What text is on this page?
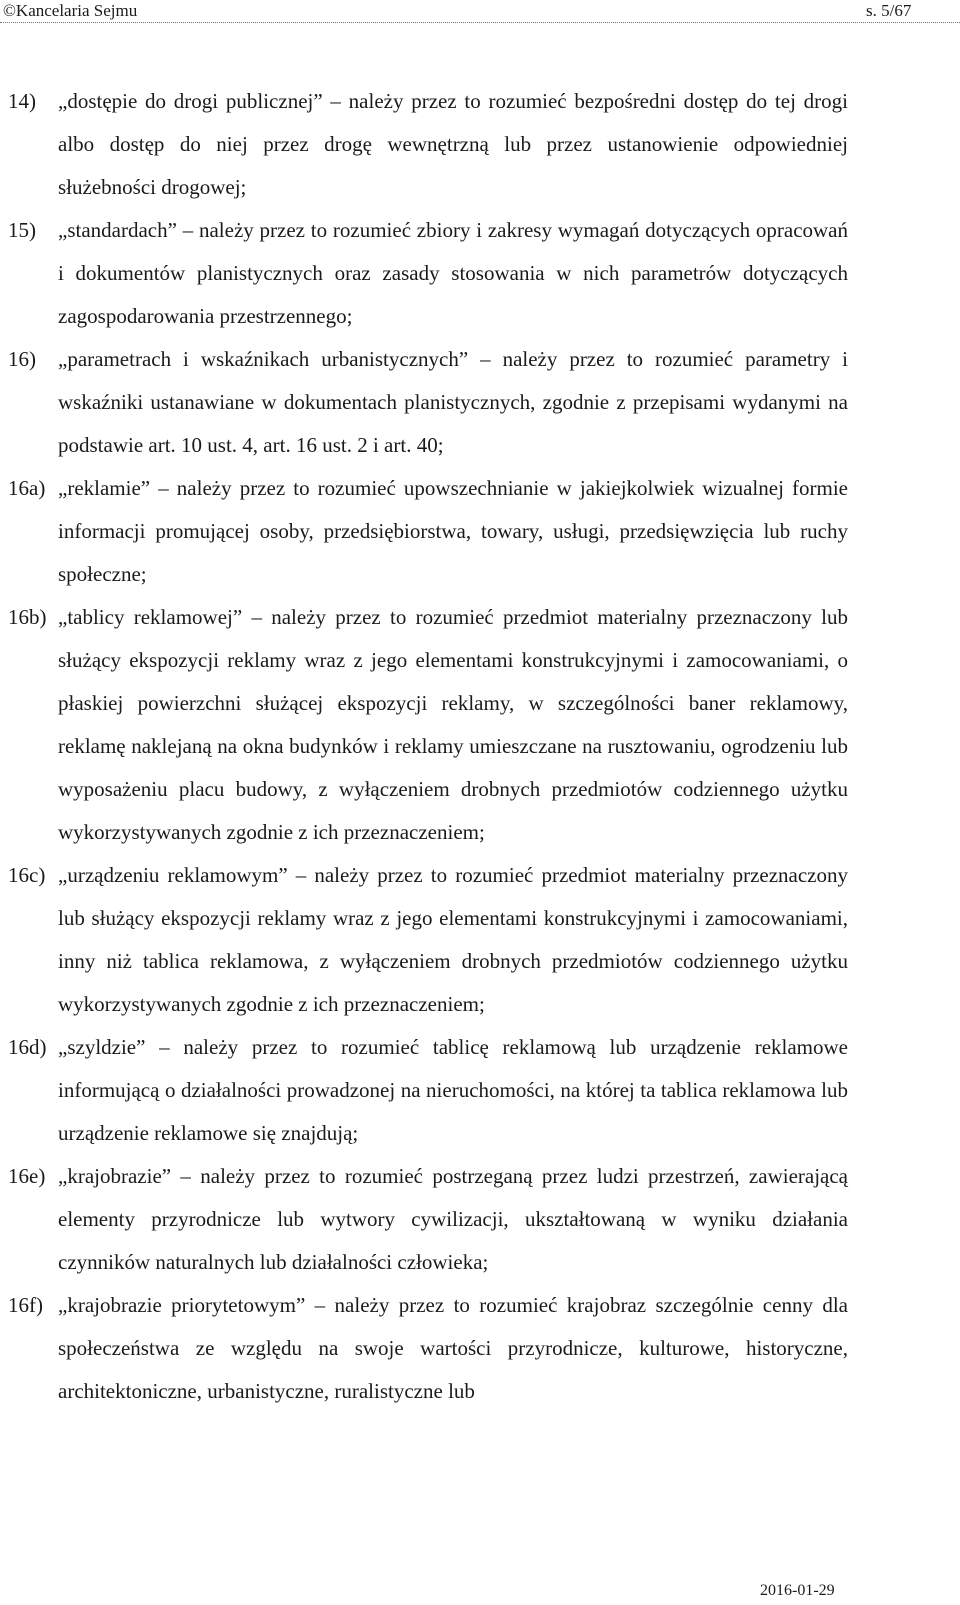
©Kancelaria Sejmu	s. 5/67
14) „dostępie do drogi publicznej” – należy przez to rozumieć bezpośredni dostęp do tej drogi albo dostęp do niej przez drogę wewnętrzną lub przez ustanowienie odpowiedniej służebności drogowej;
15) „standardach” – należy przez to rozumieć zbiory i zakresy wymagań dotyczących opracowań i dokumentów planistycznych oraz zasady stosowania w nich parametrów dotyczących zagospodarowania przestrzennego;
16) „parametrach i wskaźnikach urbanistycznych” – należy przez to rozumieć parametry i wskaźniki ustanawiane w dokumentach planistycznych, zgodnie z przepisami wydanymi na podstawie art. 10 ust. 4, art. 16 ust. 2 i art. 40;
16a) „reklamie” – należy przez to rozumieć upowszechnianie w jakiejkolwiek wizualnej formie informacji promującej osoby, przedsiębiorstwa, towary, usługi, przedsięwzięcia lub ruchy społeczne;
16b) „tablicy reklamowej” – należy przez to rozumieć przedmiot materialny przeznaczony lub służący ekspozycji reklamy wraz z jego elementami konstrukcyjnymi i zamocowaniami, o płaskiej powierzchni służącej ekspozycji reklamy, w szczególności baner reklamowy, reklamę naklejaną na okna budynków i reklamy umieszczane na rusztowaniu, ogrodzeniu lub wyposażeniu placu budowy, z wyłączeniem drobnych przedmiotów codziennego użytku wykorzystywanych zgodnie z ich przeznaczeniem;
16c) „urządzeniu reklamowym” – należy przez to rozumieć przedmiot materialny przeznaczony lub służący ekspozycji reklamy wraz z jego elementami konstrukcyjnymi i zamocowaniami, inny niż tablica reklamowa, z wyłączeniem drobnych przedmiotów codziennego użytku wykorzystywanych zgodnie z ich przeznaczeniem;
16d) „szyldzie” – należy przez to rozumieć tablicę reklamową lub urządzenie reklamowe informującą o działalności prowadzonej na nieruchomości, na której ta tablica reklamowa lub urządzenie reklamowe się znajdują;
16e) „krajobrazie” – należy przez to rozumieć postrzeganą przez ludzi przestrzeń, zawierającą elementy przyrodnicze lub wytwory cywilizacji, ukształtowaną w wyniku działania czynników naturalnych lub działalności człowieka;
16f) „krajobrazie priorytetowym” – należy przez to rozumieć krajobraz szczególnie cenny dla społeczeństwa ze względu na swoje wartości przyrodnicze, kulturowe, historyczne, architektoniczne, urbanistyczne, ruralistyczne lub
2016-01-29
